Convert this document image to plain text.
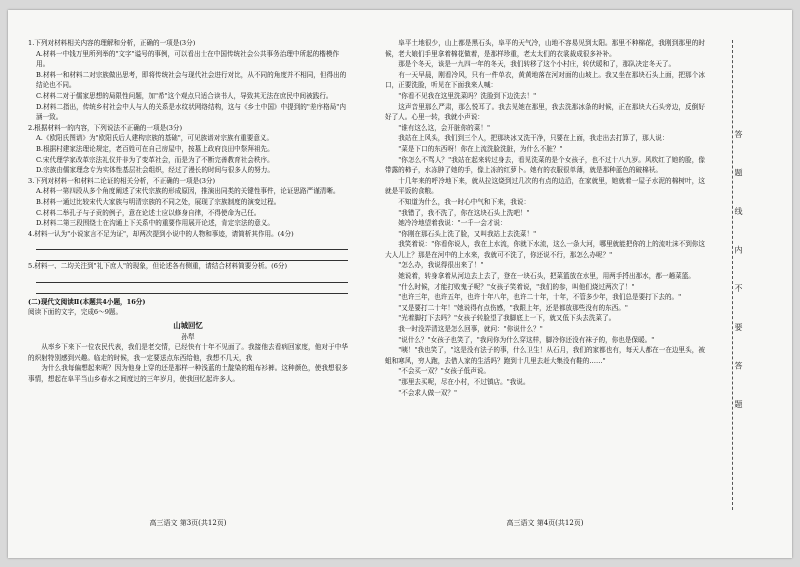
1.下列对材料相关内容的理解和分析，正确的一项是(3分)

A.材料一中钱万里所列举的"文字"谥号的事例，可以看出士在中国传统社会公共事务治理中所起的楷模作用。

B.材料一和材料二对宗族做出思考，即将传统社会与现代社会进行对比，从不同的角度并不相同，但得出的结论也不同。

C.材料二对于儒家思想的局限性问题，加"希"这个观点只适合读书人，导致其无法在庶民中间被践行。

D.材料二指出，传统乡村社会中人与人的关系是水纹状网络结构，这与《乡土中国》中提到的"差序格局"内涵一致。

2.根据材料一的内容，下列说法不正确的一项是(3分)

A.《欧阳氏图谱》为"欧阳氏后人建构宗族的基础"，可见族谱对宗族有重要意义。

B.根据村建家法理论规定，老百姓可在自己房屋中，按墓上政府良田中祭拜祖先。

C.宋代理学家改革宗法礼仪并非为了变革社会，而是为了不断完善教育社会秩序。

D.宗族由儒家理念专为实体性基层社会组织，经过了漫长的时间与很多人的努力。

3.下列对材料一和材料二论证的相关分析，不正确的一项是(3分)

A.材料一第四段从多个角度阐述了宋代宗族的形成原因，推演出同类的关键性事件，论证思路严谨清晰。

B.材料一通过比较宋代大家族与明清宗族的不同之处，展现了宗族制度的演变过程。

C.材料二举孔子与子贡的例子，意在论述士应以修身自律，不得使命为己任。

D.材料二第三段围绕士在沟通上下关系中的重要作用展开论述，肯定宗法的意义。

4.材料一认为"小说家言不足为证"，却两次提到小说中的人物和事迹，请简析其作用。(4分)

5.材料一、二均关注到"礼下庶人"的现象，但论述各有侧重，请结合材料简要分析。(6分)

(二)现代文阅读Ⅱ(本题共4小题，16分)

阅读下面的文字，完成6～9题。

山城回忆

孙犁

从率乡下来下一位农民代表，我们是老交情，已经快有十年不见面了。我接他去看病回家度，他对于中华的炽射特别感到兴趣。临走的时候，我一定要送点东西给他，我想不几天，我

为什么我每偏想起来呢？因为他身上穿的还是那样一种浅蓝的土靛染的粗布衫裤。这种颜色，使我想很多事情，想起在阜平当山乡春水之间度过的三年岁月，使我回忆起许多人。

阜平土地很少，山上都是黑石头，阜平的天气冷，山地不容易见到太阳。那里不种棉花，我刚到那里的时候，老大娘们手里拿着棉花做着，是那样珍重，老太太们的衣裳裁成很多补补。

那是个冬天，该是一九四一年的冬天，我们转移了这个小村庄，转伏暖和了，那队决定冬天了。

有一天早晨，刚看冷风，只有一件单衣，黄黄地落在河对面的山坡上。我又坐在那块石头上面，把那个冰口，正要洗脸，听见在下面我来人喊：

"你看不见我在这里洗菜吗？洗脸到下边洗去！"

这声音里那么严肃，那么悦耳了。我去见她在那里，我去洗那冰条的时候，正在那块大石头旁边，反倒好好了人。心里一转，我就小声说：

"谁有这么这，会开脏你的菜！"

我站在上风头，我们到三个人，把那块冰又洗干净，只要在上面，我走出去打算了，那人说：

"菜是下口的东西呀！你在上流洗脸洗脏，为什么不脏？"

"你怎么不骂人？"我站在起来转过身去，看见洗菜的是个女孩子，也不过十八九岁。风吹红了她的脸，像带露的柿子，水冻肿了她的手，像上冻的红萝卜。她有的衣服很单薄，就是那种蓝色的破棉袄。

十几年来的呼冷地下来，就从拉这烧到过几次的有点的边沿，在家就里，她就着一屋子水泥的棉树叶，这就是平饭的食粮。

不知道为什么，我一时心中气和下来，我说：

"我错了，我不洗了，你在这块石头上洗吧！"

她冷冷地望着我说："一千一会才说：

"你刚在那石头上洗了脸，又叫我站上去洗菜！"

我笑着说："你看你说人，我在上水流，你就下水流，这么一条大河，哪里就能把你的上的流吐沫不到你这大人儿上？那是在河中的上水来，我就可不洗了，你还说不行，那怎么办呢？"

"怎么办，我说得很出来了！"

她说着，转身拿着从河边去上去了，登在一块石头，把菜篮放在水里，用两手捋出那水，都一趟菜篮。

"什么时候，才能打败鬼子呢？"女孩子笑着说，"我们的参，叫他们烧过两次了！"

"也许三年，也许五年，也许十年八年，也许二十年，十年，不管多少年，我们总是要打下去的。"

"又是要打二十年！"她说得有点伤感，"我跟上年，还是都放那些没有的东西。"

"光着脚打下去吗？"女孩子转脸望了我脚底上一下，就又低下头去洗菜了。

我一时没弄清这是怎么回事，就问："你说什么？"

"说什么？"女孩子也笑了，"我问你为什么穿这样，脚冷你还没有袜子的，你也是保暖。"

"咦！"我也笑了，"这是没有法子的事，什么卫生！从石月，我们的家都也有，每天人都在一在边里头，被蛆和寒风，穷人跑，去借人家的生活吗？跑到十几里去赶大集没有鞋的……"

"不会买一双？"女孩子低声说。

"那里去买呢，尽在小村，不过镇店。"我说。

"不会求人做一双？"

高三语文 第3页(共12页)	高三语文 第4页(共12页)
答 题 线 内 不 要 答 题
